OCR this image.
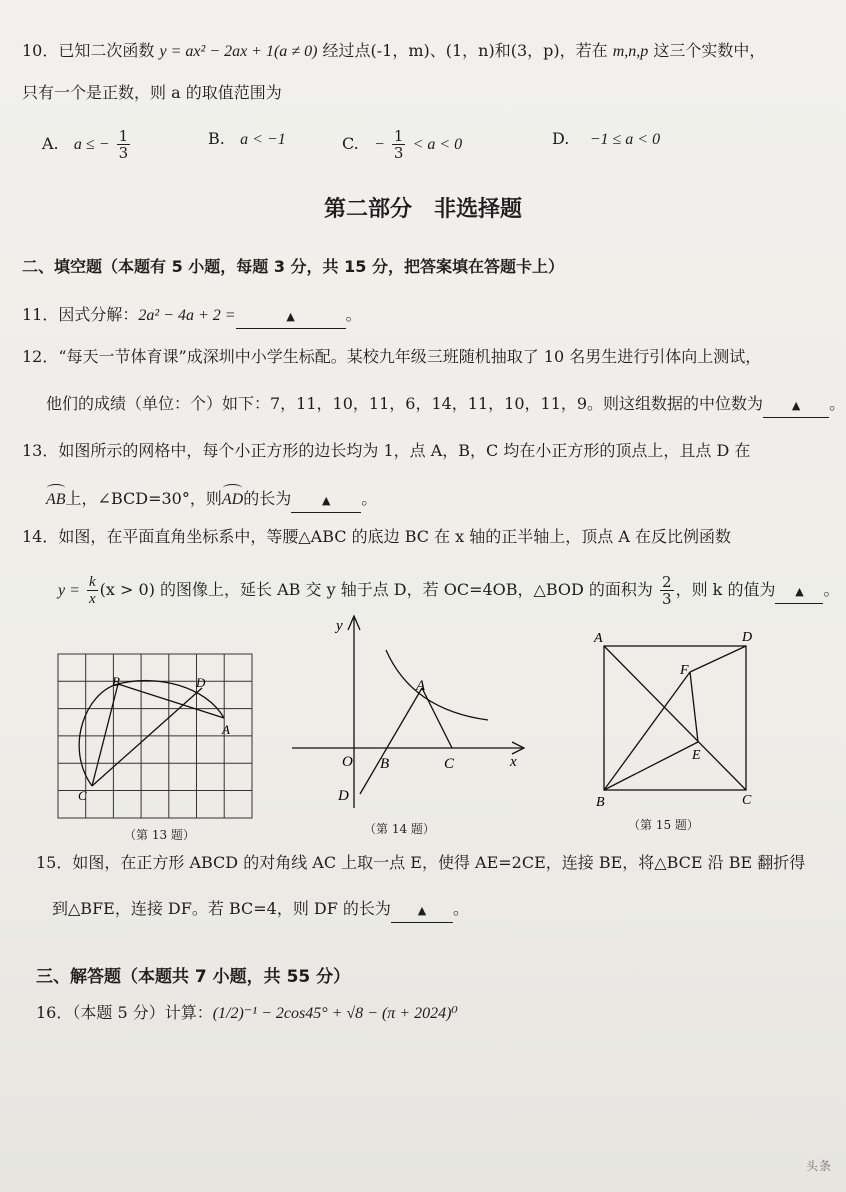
10．已知二次函数 y = ax² − 2ax + 1(a ≠ 0) 经过点(-1，m)、(1，n)和(3，p)，若在 m,n,p 这三个实数中，
只有一个是正数，则 a 的取值范围为
A. a ≤ − $\frac{1}{3}$	B. a < −1	C. − $\frac{1}{3} < a < 0$	D. −1 ≤ a < 0
第二部分　非选择题
二、填空题（本题有 5 小题，每题 3 分，共 15 分，把答案填在答题卡上）
11．因式分解：2a² − 4a + 2 =	▲	。
12．“每天一节体育课”成深圳中小学生标配。某校九年级三班随机抽取了 10 名男生进行引体向上测试，
他们的成绩（单位：个）如下：7，11，10，11，6，14，11，10，11，9。则这组数据的中位数为	▲ 。
13．如图所示的网格中，每个小正方形的边长均为 1，点 A，B，C 均在小正方形的顶点上，且点 D 在
AB上，∠BCD=30°，则AD的长为	▲ 。
14．如图，在平面直角坐标系中，等腰△ABC 的底边 BC 在 x 轴的正半轴上，顶点 A 在反比例函数
$y = \frac{k}{x} (x > 0)$ 的图像上，延长 AB 交 y 轴于点 D，若 OC=4OB，△BOD 的面积为 $\frac{2}{3}$ ，则 k 的值为 ▲ 。
B	D
A
C
（第 13 题）
y
x
O
A
B	C
D
（第 14 题）
A	D
F
E
B	C
（第 15 题）
15．如图，在正方形 ABCD 的对角线 AC 上取一点 E，使得 AE=2CE，连接 BE，将△BCE 沿 BE 翻折得
到△BFE，连接 DF。若 BC=4，则 DF 的长为 ▲ 。
三、解答题（本题共 7 小题，共 55 分）
16．（本题 5 分）计算：(1/2)⁻¹ − 2cos45° + √8 − (π + 2024)⁰
头条
